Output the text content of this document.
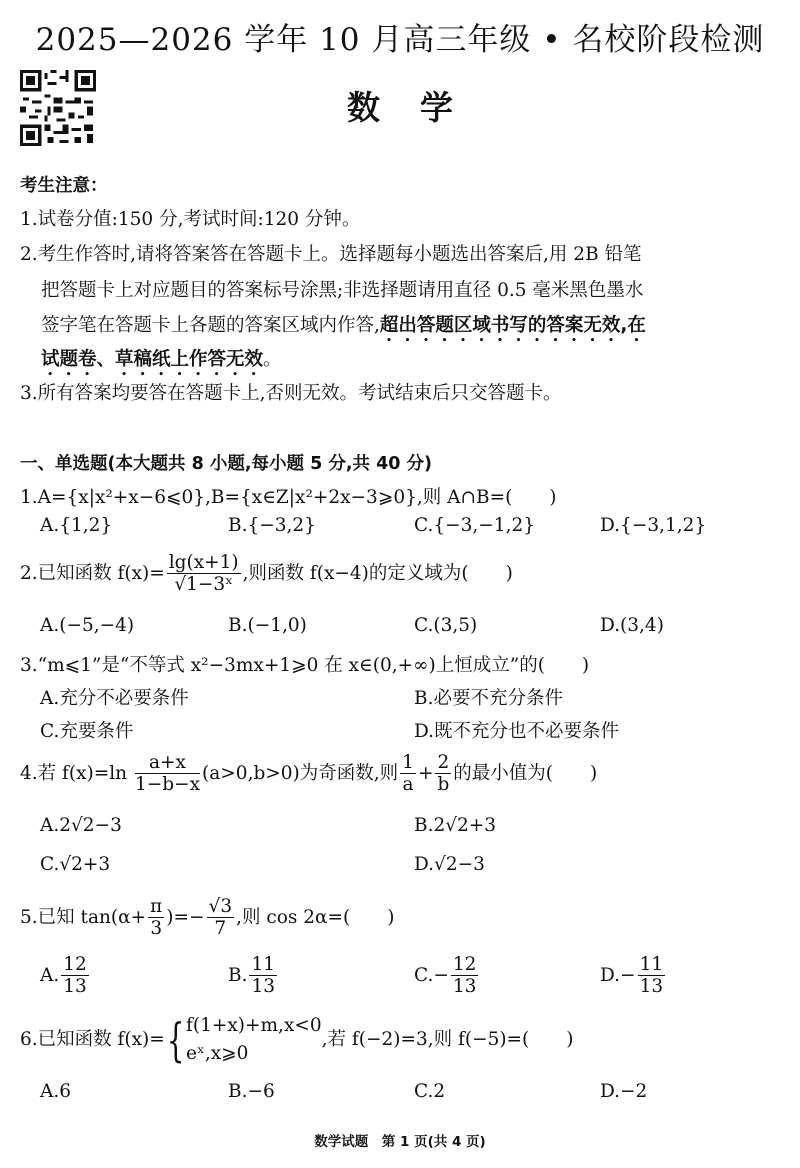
2025—2026 学年 10 月高三年级 • 名校阶段检测
数学
考生注意：
1.试卷分值:150 分,考试时间:120 分钟。
2.考生作答时,请将答案答在答题卡上。选择题每小题选出答案后,用 2B 铅笔
把答题卡上对应题目的答案标号涂黑;非选择题请用直径 0.5 毫米黑色墨水
签字笔在答题卡上各题的答案区域内作答,超出答题区域书写的答案无效,在
试题卷、草稿纸上作答无效。
3.所有答案均要答在答题卡上,否则无效。考试结束后只交答题卡。
一、单选题(本大题共 8 小题,每小题 5 分,共 40 分)
1.A={x|x²+x−6⩽0},B={x∈Z|x²+2x−3⩾0},则 A∩B=(　　)
A.{1,2}	B.{−3,2}	C.{−3,−1,2}	D.{−3,1,2}
2.已知函数 $f(x)= \frac{\lg(x+1)}{\text{√1−3ˣ}}$ ,则函数 f(x−4)的定义域为(　　)
A.(−5,−4)	B.(−1,0)	C.(3,5)	D.(3,4)
3.“m⩽1”是“不等式 x²−3mx+1⩾0 在 x∈(0,+∞)上恒成立”的(　　)
A.充分不必要条件	B.必要不充分条件
C.充要条件	D.既不充分也不必要条件
4.若 $f(x)=\ln \frac{a+x}{1-b-x} (a>0,b>0)$为奇函数,则 $\frac{1}{a} + \frac{2}{b}$ 的最小值为(　　)
A.2√2−3	B.2√2+3
C.√2+3	D.√2−3
5.已知 $\tan(\alpha+ \frac{\pi}{3}$ )=− $\frac{√3}{7}$ ,则 cos 2α=(　　)
A. $\frac{12}{13}$	B. $\frac{11}{13}$	$C.- \frac{12}{13}$	$D.- \frac{11}{13}$
6.已知函数 f(x)={ f(1+x)+m,x<0
eˣ,x⩾0
,若 f(−2)=3,则 f(−5)=(　　)
A.6	B.−6	C.2	D.−2
数学试题　第 1 页(共 4 页)
